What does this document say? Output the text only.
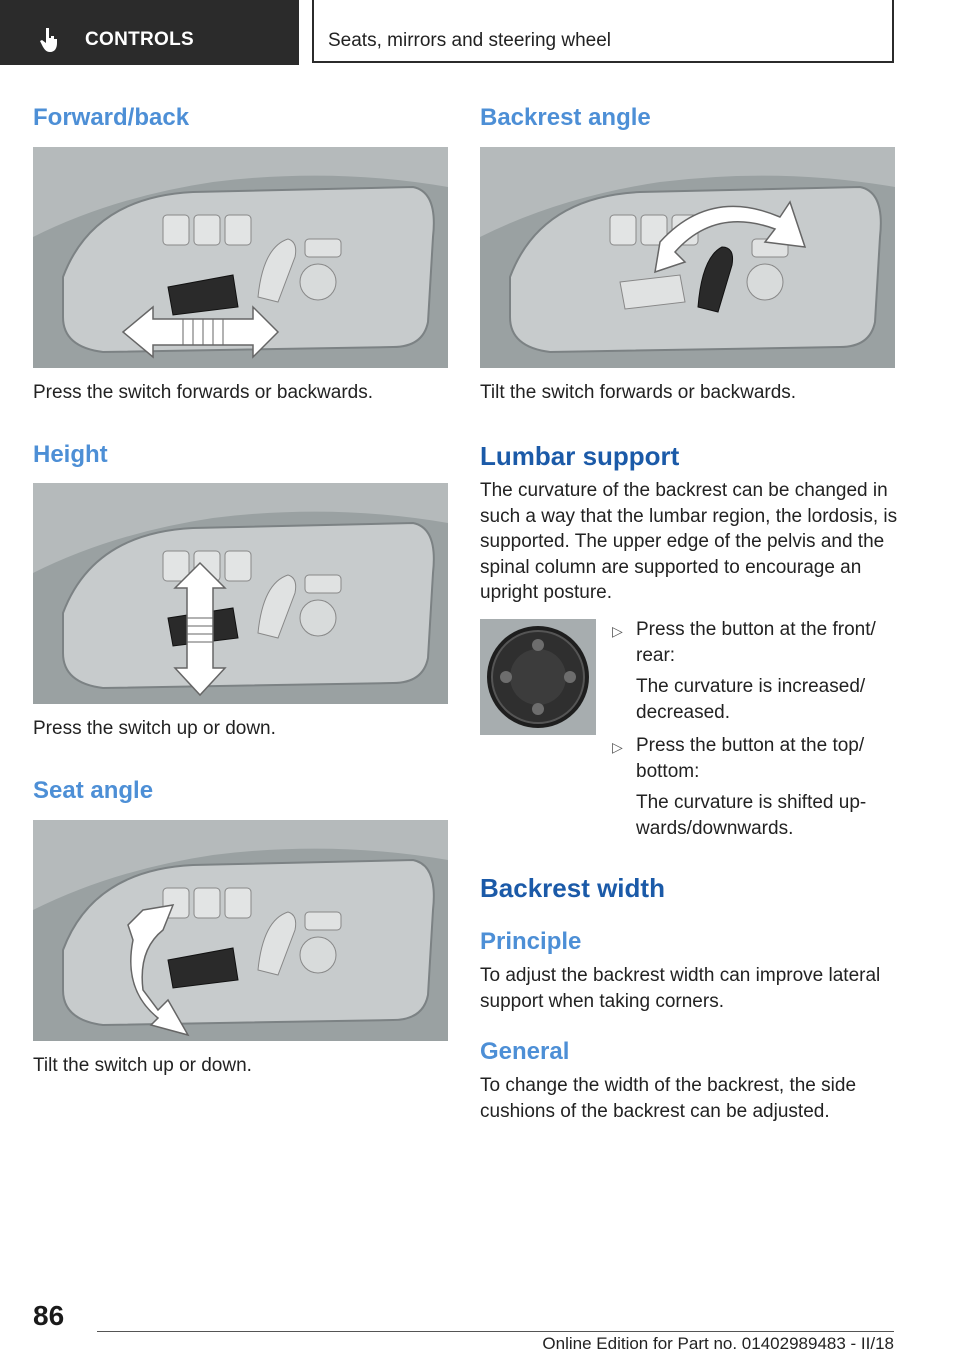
CONTROLS	Seats, mirrors and steering wheel
Forward/back

Press the switch forwards or backwards.

Height

Press the switch up or down.

Seat angle

Tilt the switch up or down.

Backrest angle

Tilt the switch forwards or backwards.

Lumbar support

The curvature of the backrest can be changed in such a way that the lumbar region, the lordosis, is supported. The upper edge of the pelvis and the spinal column are supported to encourage an upright posture.

▷ Press the button at the front/ rear:
The curvature is increased/ decreased.
▷ Press the button at the top/ bottom:
The curvature is shifted up- wards/downwards.
Backrest width
Principle

To adjust the backrest width can improve lateral support when taking corners.

General

To change the width of the backrest, the side cushions of the backrest can be adjusted.

86
Online Edition for Part no. 01402989483 - II/18
